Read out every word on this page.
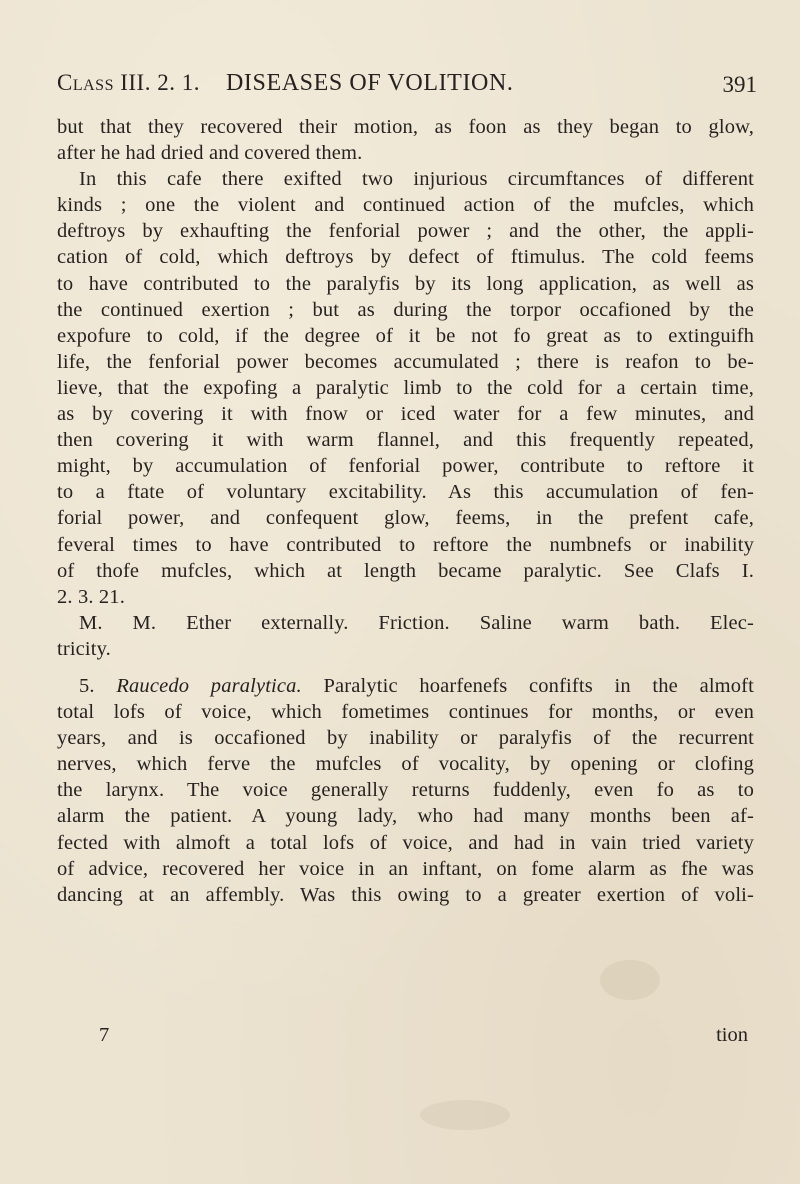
Class III. 2. 1. DISEASES OF VOLITION.	391
but that they recovered their motion, as foon as they began to glow,
after he had dried and covered them.
In this cafe there exifted two injurious circumftances of different
kinds ; one the violent and continued action of the mufcles, which
deftroys by exhaufting the fenforial power ; and the other, the appli-
cation of cold, which deftroys by defect of ftimulus. The cold feems
to have contributed to the paralyfis by its long application, as well as
the continued exertion ; but as during the torpor occafioned by the
expofure to cold, if the degree of it be not fo great as to extinguifh
life, the fenforial power becomes accumulated ; there is reafon to be-
lieve, that the expofing a paralytic limb to the cold for a certain time,
as by covering it with fnow or iced water for a few minutes, and
then covering it with warm flannel, and this frequently repeated,
might, by accumulation of fenforial power, contribute to reftore it
to a ftate of voluntary excitability. As this accumulation of fen-
forial power, and confequent glow, feems, in the prefent cafe,
feveral times to have contributed to reftore the numbnefs or inability
of thofe mufcles, which at length became paralytic. See Clafs I.
2. 3. 21.
M. M. Ether externally. Friction. Saline warm bath. Elec-
tricity.
5. Raucedo paralytica. Paralytic hoarfenefs confifts in the almoft
total lofs of voice, which fometimes continues for months, or even
years, and is occafioned by inability or paralyfis of the recurrent
nerves, which ferve the mufcles of vocality, by opening or clofing
the larynx. The voice generally returns fuddenly, even fo as to
alarm the patient. A young lady, who had many months been af-
fected with almoft a total lofs of voice, and had in vain tried variety
of advice, recovered her voice in an inftant, on fome alarm as fhe was
dancing at an affembly. Was this owing to a greater exertion of voli-
7	tion
